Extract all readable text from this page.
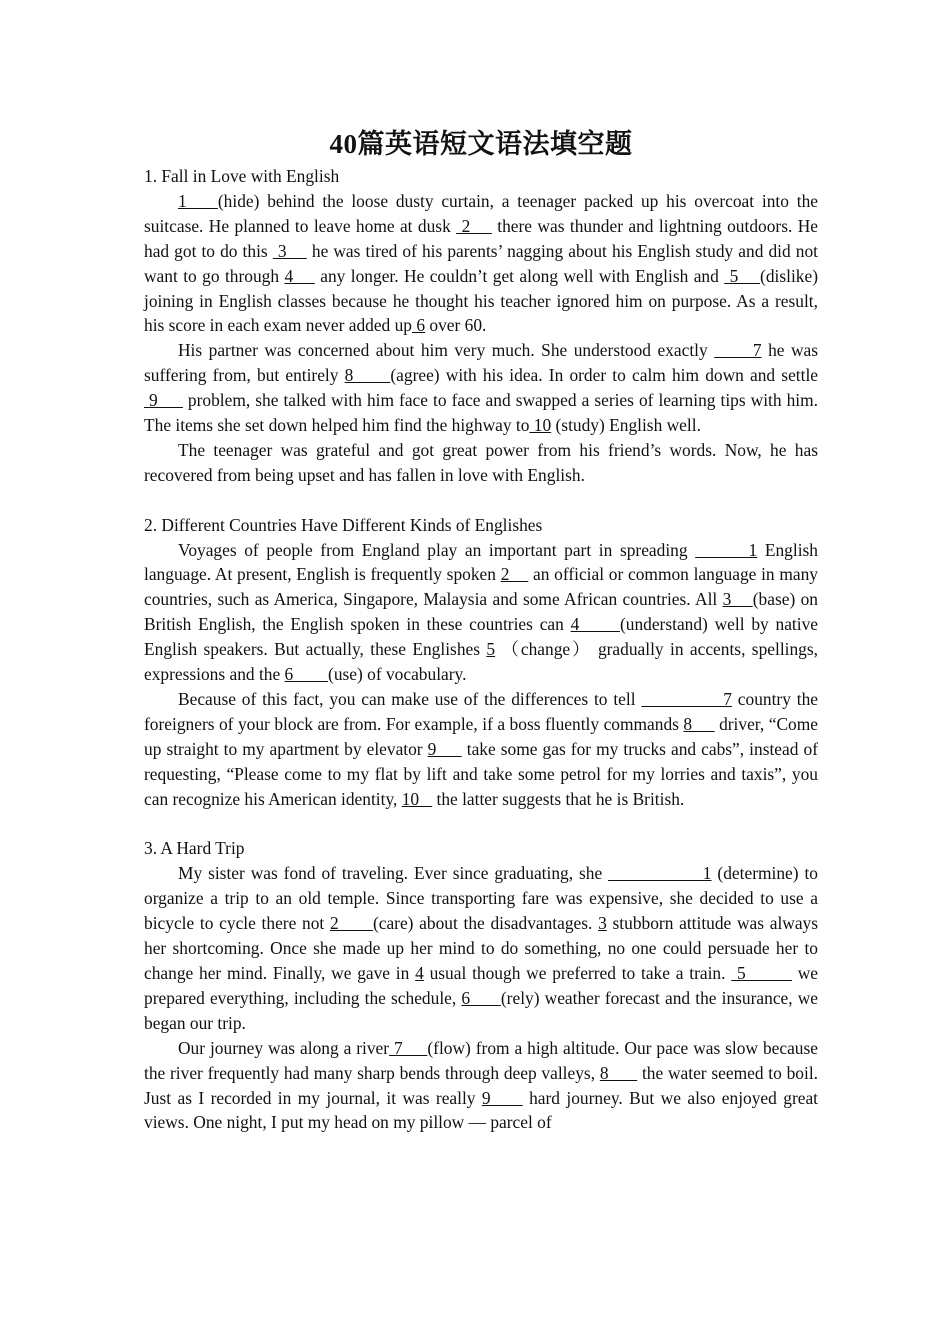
40篇英语短文语法填空题

1. Fall in Love with English

1    (hide) behind the loose dusty curtain, a teenager packed up his overcoat into the suitcase. He planned to leave home at dusk  2     there was thunder and lightning outdoors. He had got to do this  3     he was tired of his parents’ nagging about his English study and did not want to go through 4     any longer. He couldn’t get along well with English and  5    (dislike) joining in English classes because he thought his teacher ignored him on purpose. As a result, his score in each exam never added up 6 over 60.

His partner was concerned about him very much. She understood exactly       7 he was suffering from, but entirely 8      (agree) with his idea. In order to calm him down and settle  9      problem, she talked with him face to face and swapped a series of learning tips with him. The items she set down helped him find the highway to 10 (study) English well.

The teenager was grateful and got great power from his friend’s words. Now, he has recovered from being upset and has fallen in love with English.

2. Different Countries Have Different Kinds of Englishes

Voyages of people from England play an important part in spreading        1 English language. At present, English is frequently spoken 2     an official or common language in many countries, such as America, Singapore, Malaysia and some African countries. All 3    (base) on British English, the English spoken in these countries can 4      (understand) well by native English speakers. But actually, these Englishes 5 （change） gradually in accents, spellings, expressions and the 6        (use) of vocabulary.

Because of this fact, you can make use of the differences to tell               7 country the foreigners of your block are from. For example, if a boss fluently commands 8      driver, “Come up straight to my apartment by elevator 9      take some gas for my trucks and cabs”, instead of requesting, “Please come to my flat by lift and take some petrol for my lorries and taxis”, you can recognize his American identity, 10    the latter suggests that he is British.

3. A Hard Trip

My sister was fond of traveling. Ever since graduating, she                 1 (determine) to organize a trip to an old temple. Since transporting fare was expensive, she decided to use a bicycle to cycle there not 2      (care) about the disadvantages. 3 stubborn attitude was always her shortcoming. Once she made up her mind to do something, no one could persuade her to change her mind. Finally, we gave in 4 usual though we preferred to take a train.  5         we prepared everything, including the schedule, 6      (rely) weather forecast and the insurance, we began our trip.

Our journey was along a river 7     (flow) from a high altitude. Our pace was slow because the river frequently had many sharp bends through deep valleys, 8       the water seemed to boil. Just as I recorded in my journal, it was really 9      hard journey. But we also enjoyed great views. One night, I put my head on my pillow — parcel of
